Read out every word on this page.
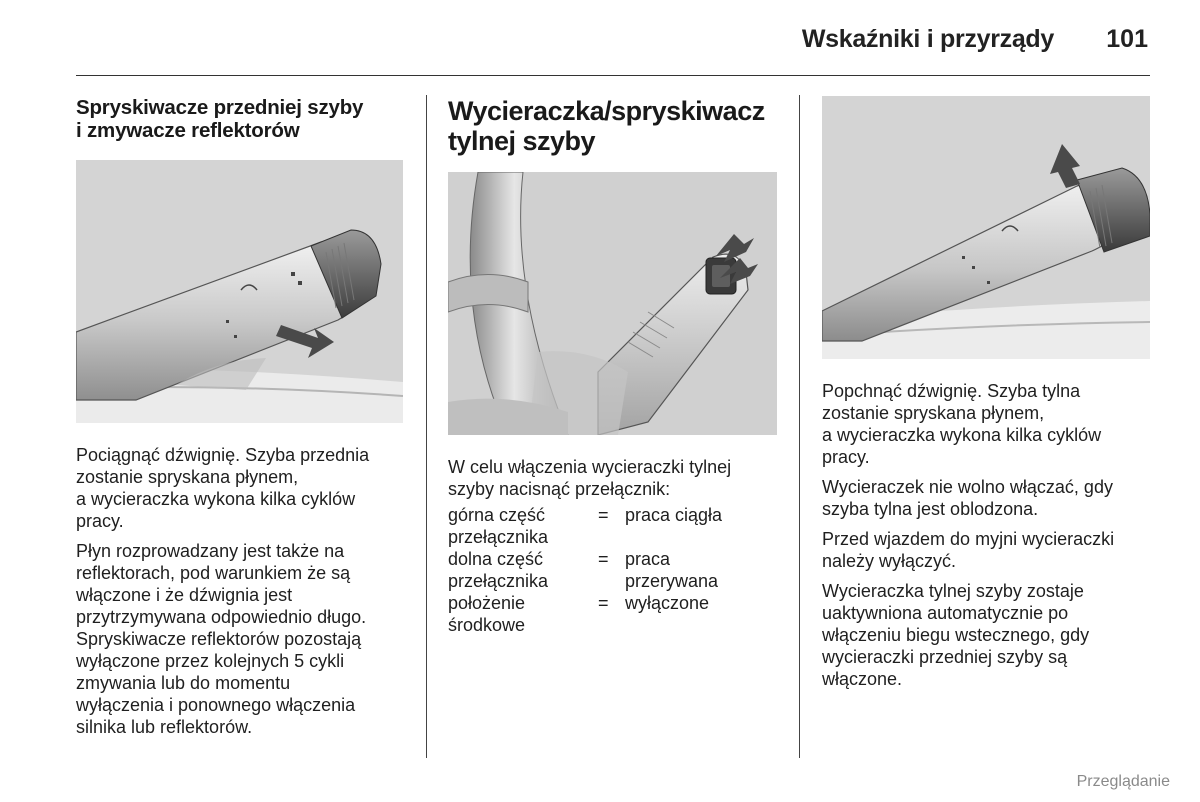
Wskaźniki i przyrządy 101
Spryskiwacze przedniej szyby
i zmywacze reflektorów

Pociągnąć dźwignię. Szyba przednia
zostanie spryskana płynem,
a wycieraczka wykona kilka cyklów
pracy.

Płyn rozprowadzany jest także na
reflektorach, pod warunkiem że są
włączone i że dźwignia jest
przytrzymywana odpowiednio długo.
Spryskiwacze reflektorów pozostają
wyłączone przez kolejnych 5 cykli
zmywania lub do momentu
wyłączenia i ponownego włączenia
silnika lub reflektorów.

Wycieraczka/spryskiwacz
tylnej szyby

W celu włączenia wycieraczki tylnej
szyby nacisnąć przełącznik:

górna część
przełącznika	=	praca ciągła
dolna część
przełącznika	=	praca
przerywana
położenie
środkowe	=	wyłączone

Popchnąć dźwignię. Szyba tylna
zostanie spryskana płynem,
a wycieraczka wykona kilka cyklów
pracy.

Wycieraczek nie wolno włączać, gdy
szyba tylna jest oblodzona.

Przed wjazdem do myjni wycieraczki
należy wyłączyć.

Wycieraczka tylnej szyby zostaje
uaktywniona automatycznie po
włączeniu biegu wstecznego, gdy
wycieraczki przedniej szyby są
włączone.

Przeglądanie
